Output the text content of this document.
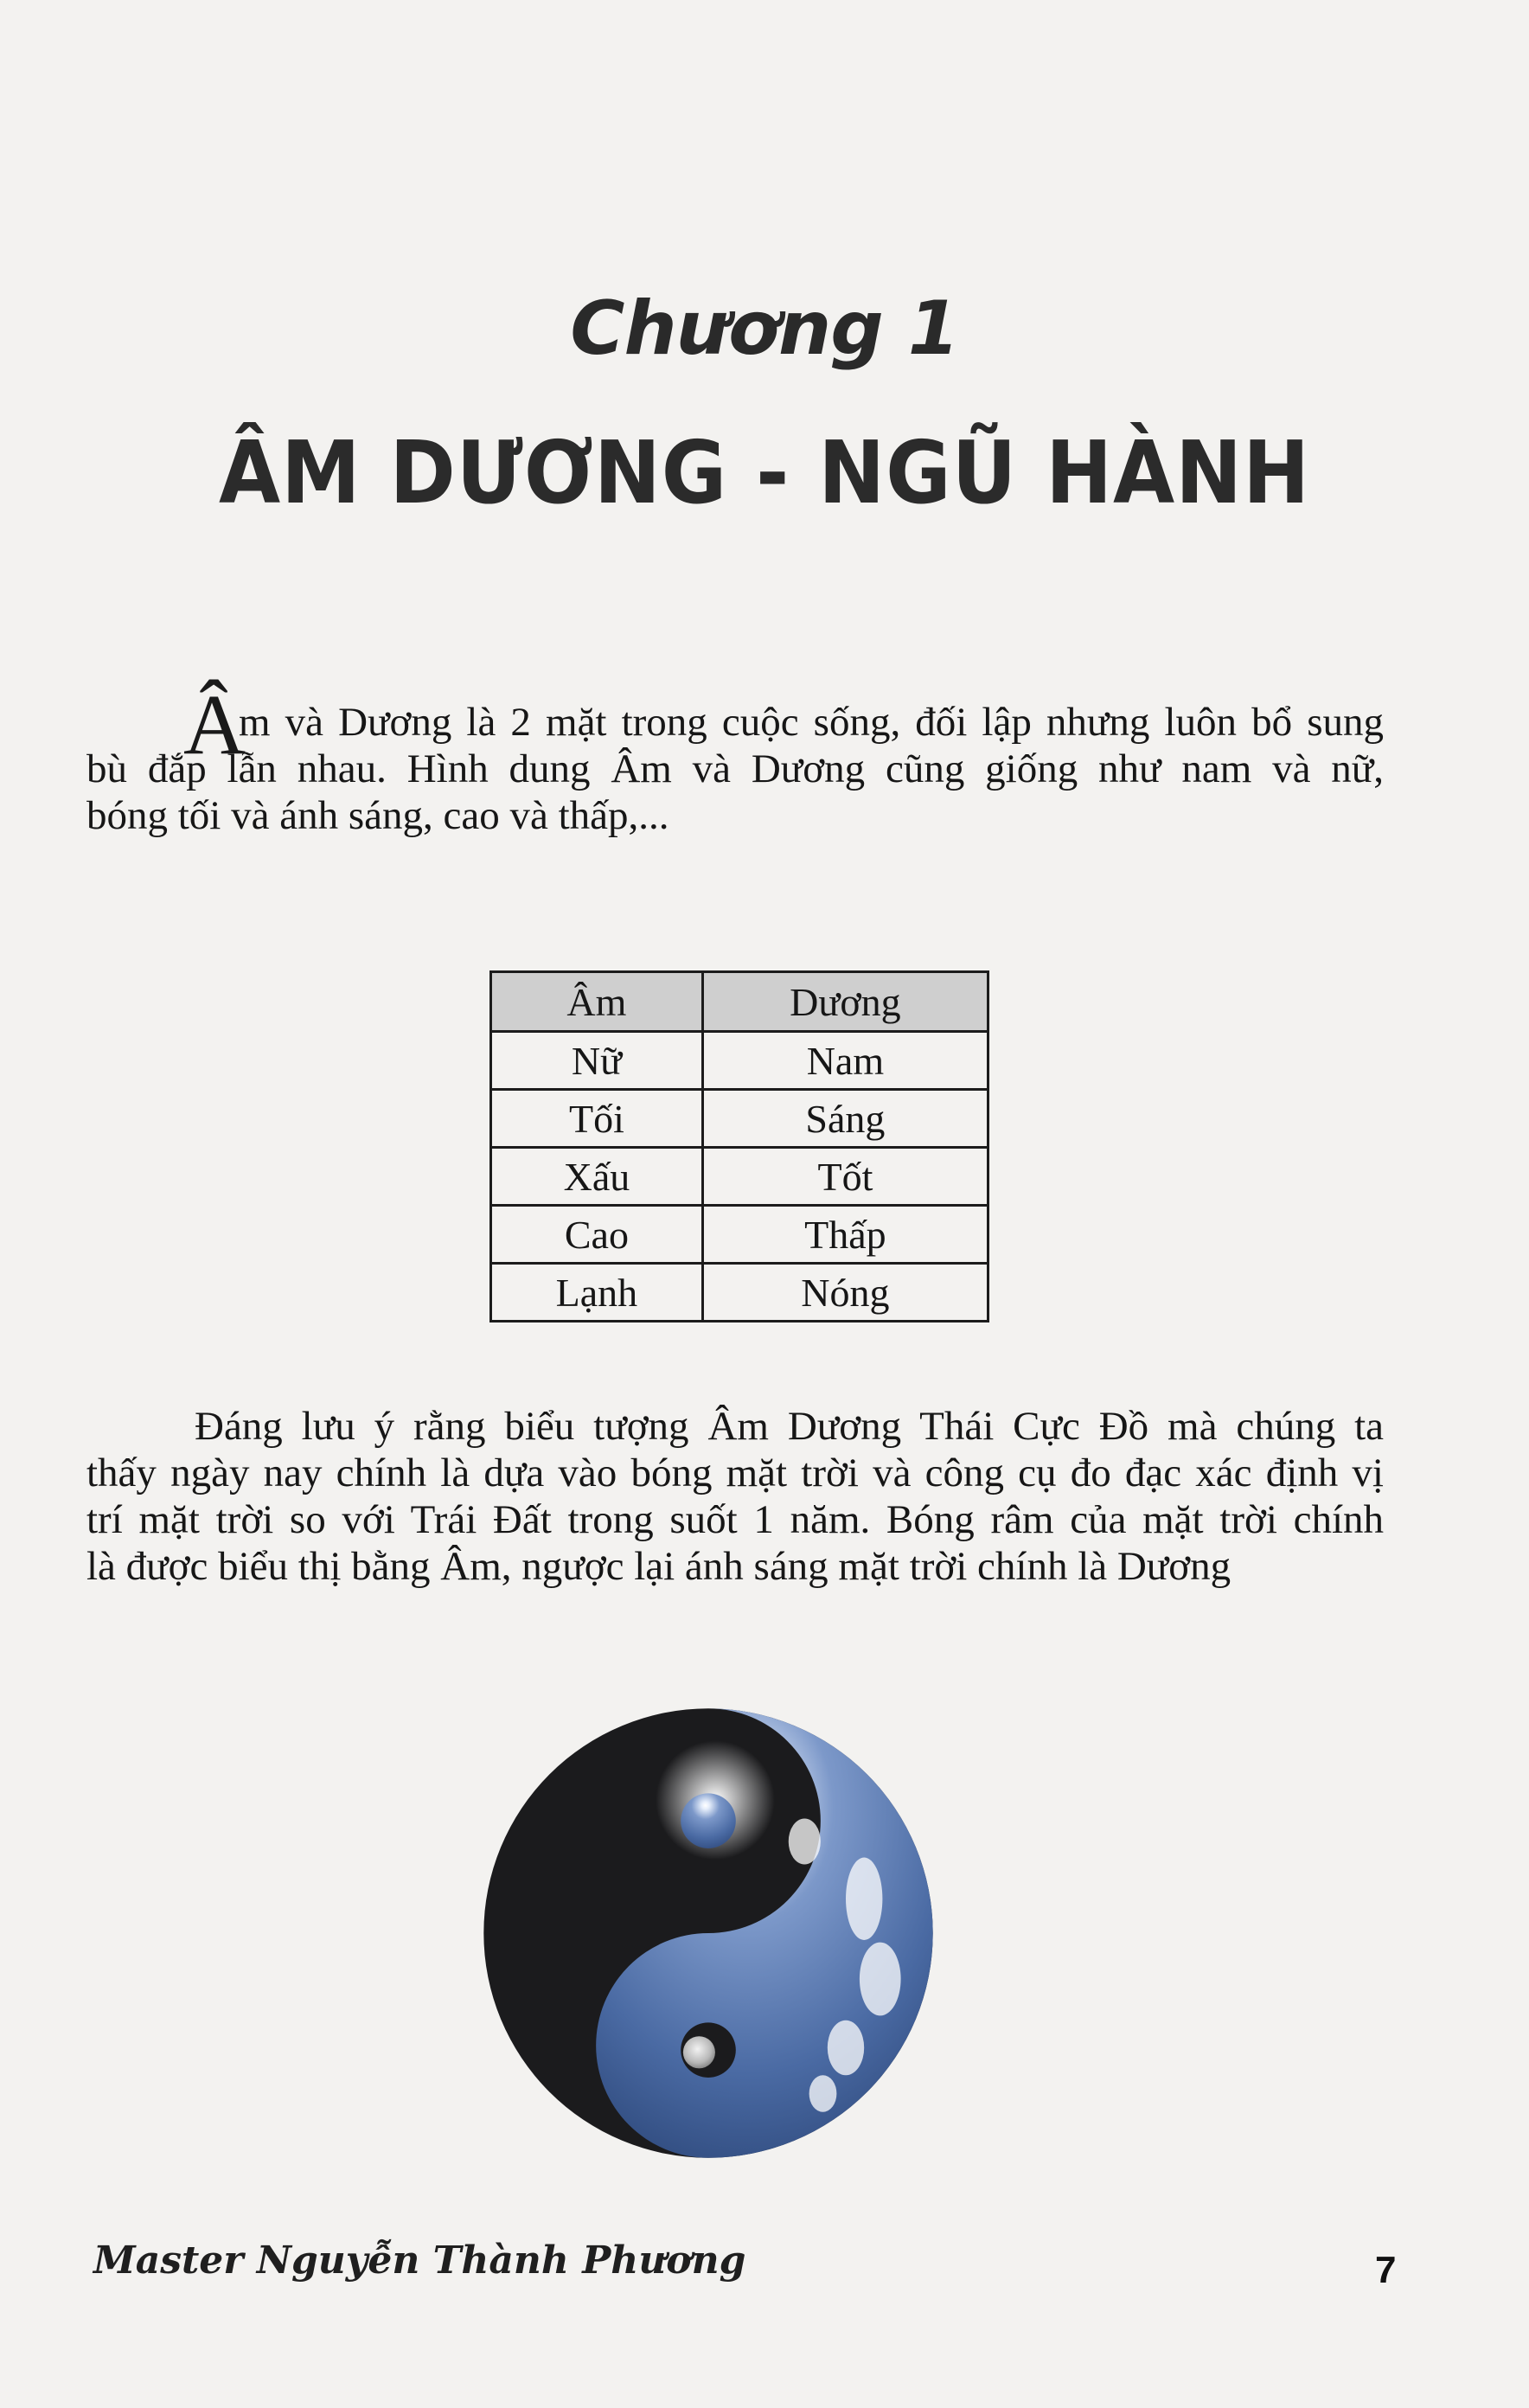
Chương 1
ÂM DƯƠNG - NGŨ HÀNH
Â
m và Dương là 2 mặt trong cuộc sống, đối lập nhưng luôn bổ sung
bù đắp lẫn nhau. Hình dung Âm và Dương cũng giống như nam và nữ,
bóng tối và ánh sáng, cao và thấp,...
Âm	Dương
Nữ	Nam
Tối	Sáng
Xấu	Tốt
Cao	Thấp
Lạnh	Nóng
Đáng lưu ý rằng biểu tượng Âm Dương Thái Cực Đồ mà chúng ta
thấy ngày nay chính là dựa vào bóng mặt trời và công cụ đo đạc xác định vị
trí mặt trời so với Trái Đất trong suốt 1 năm. Bóng râm của mặt trời chính
là được biểu thị bằng Âm, ngược lại ánh sáng mặt trời chính là Dương
Master Nguyễn Thành Phương	7
